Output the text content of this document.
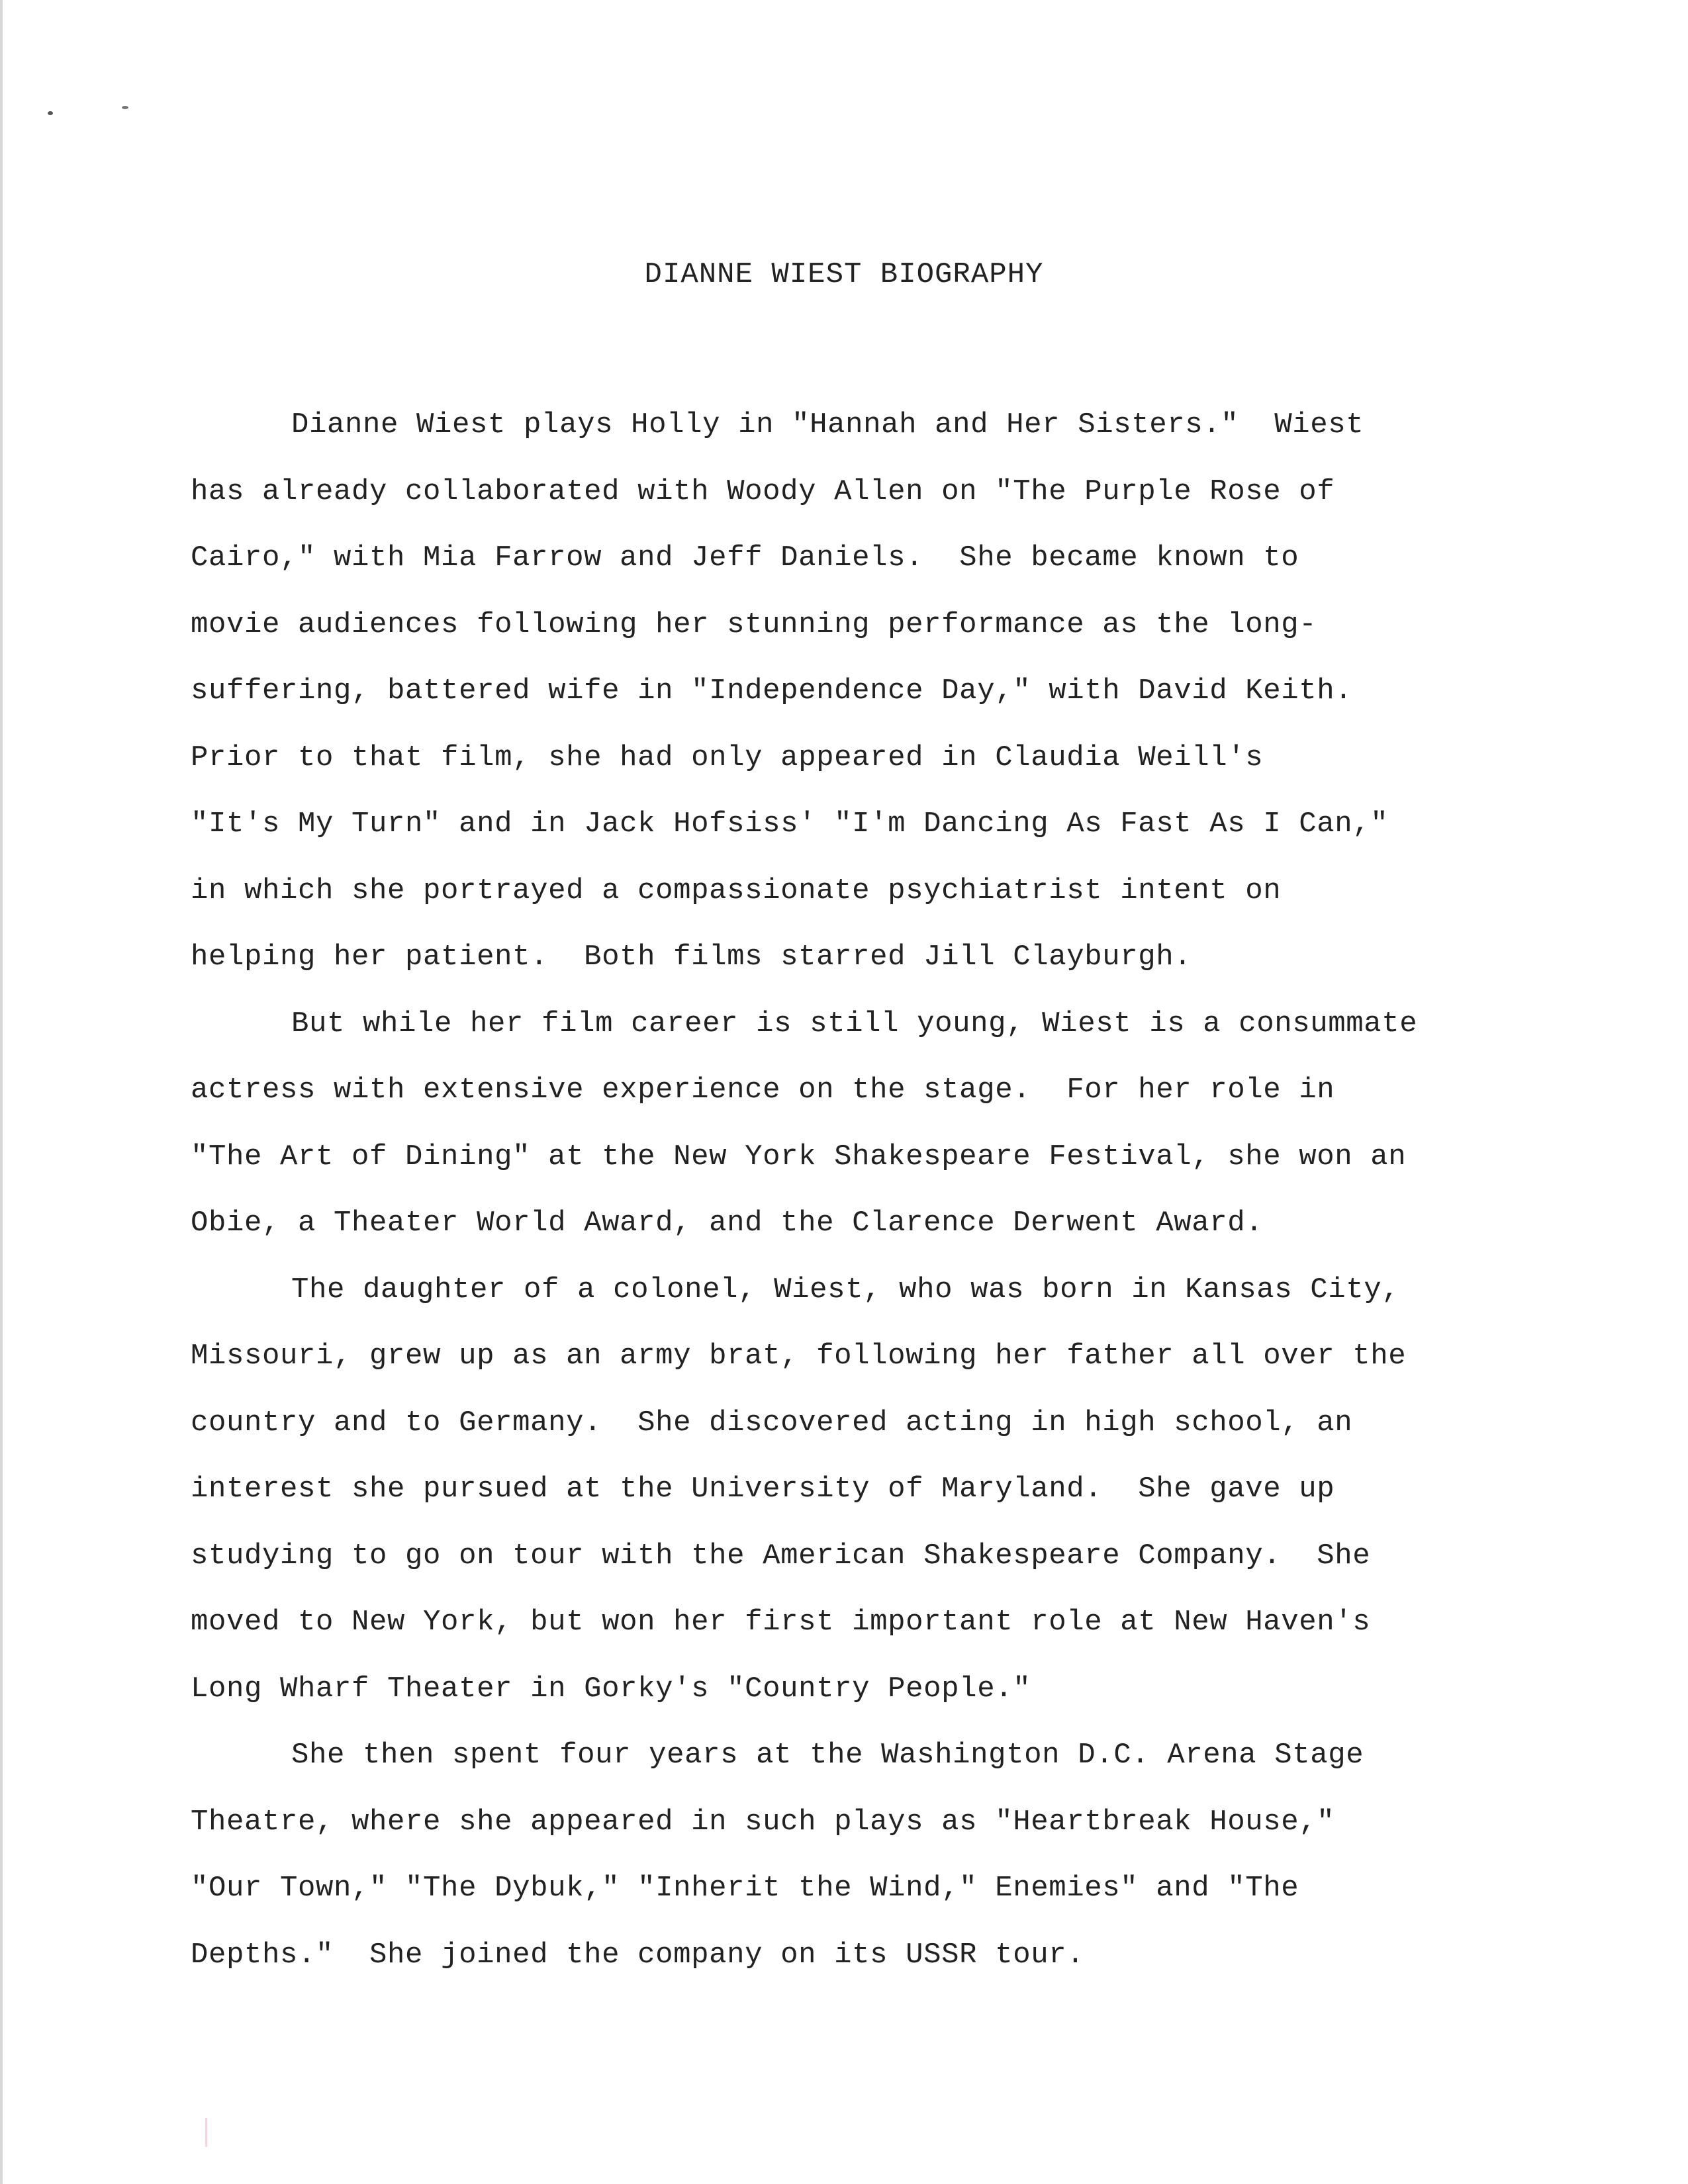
DIANNE WIEST BIOGRAPHY
Dianne Wiest plays Holly in "Hannah and Her Sisters."  Wiest
has already collaborated with Woody Allen on "The Purple Rose of
Cairo," with Mia Farrow and Jeff Daniels.  She became known to
movie audiences following her stunning performance as the long-
suffering, battered wife in "Independence Day," with David Keith.
Prior to that film, she had only appeared in Claudia Weill's
"It's My Turn" and in Jack Hofsiss' "I'm Dancing As Fast As I Can,"
in which she portrayed a compassionate psychiatrist intent on
helping her patient.  Both films starred Jill Clayburgh.
But while her film career is still young, Wiest is a consummate
actress with extensive experience on the stage.  For her role in
"The Art of Dining" at the New York Shakespeare Festival, she won an
Obie, a Theater World Award, and the Clarence Derwent Award.
The daughter of a colonel, Wiest, who was born in Kansas City,
Missouri, grew up as an army brat, following her father all over the
country and to Germany.  She discovered acting in high school, an
interest she pursued at the University of Maryland.  She gave up
studying to go on tour with the American Shakespeare Company.  She
moved to New York, but won her first important role at New Haven's
Long Wharf Theater in Gorky's "Country People."
She then spent four years at the Washington D.C. Arena Stage
Theatre, where she appeared in such plays as "Heartbreak House,"
"Our Town," "The Dybuk," "Inherit the Wind," Enemies" and "The
Depths."  She joined the company on its USSR tour.
